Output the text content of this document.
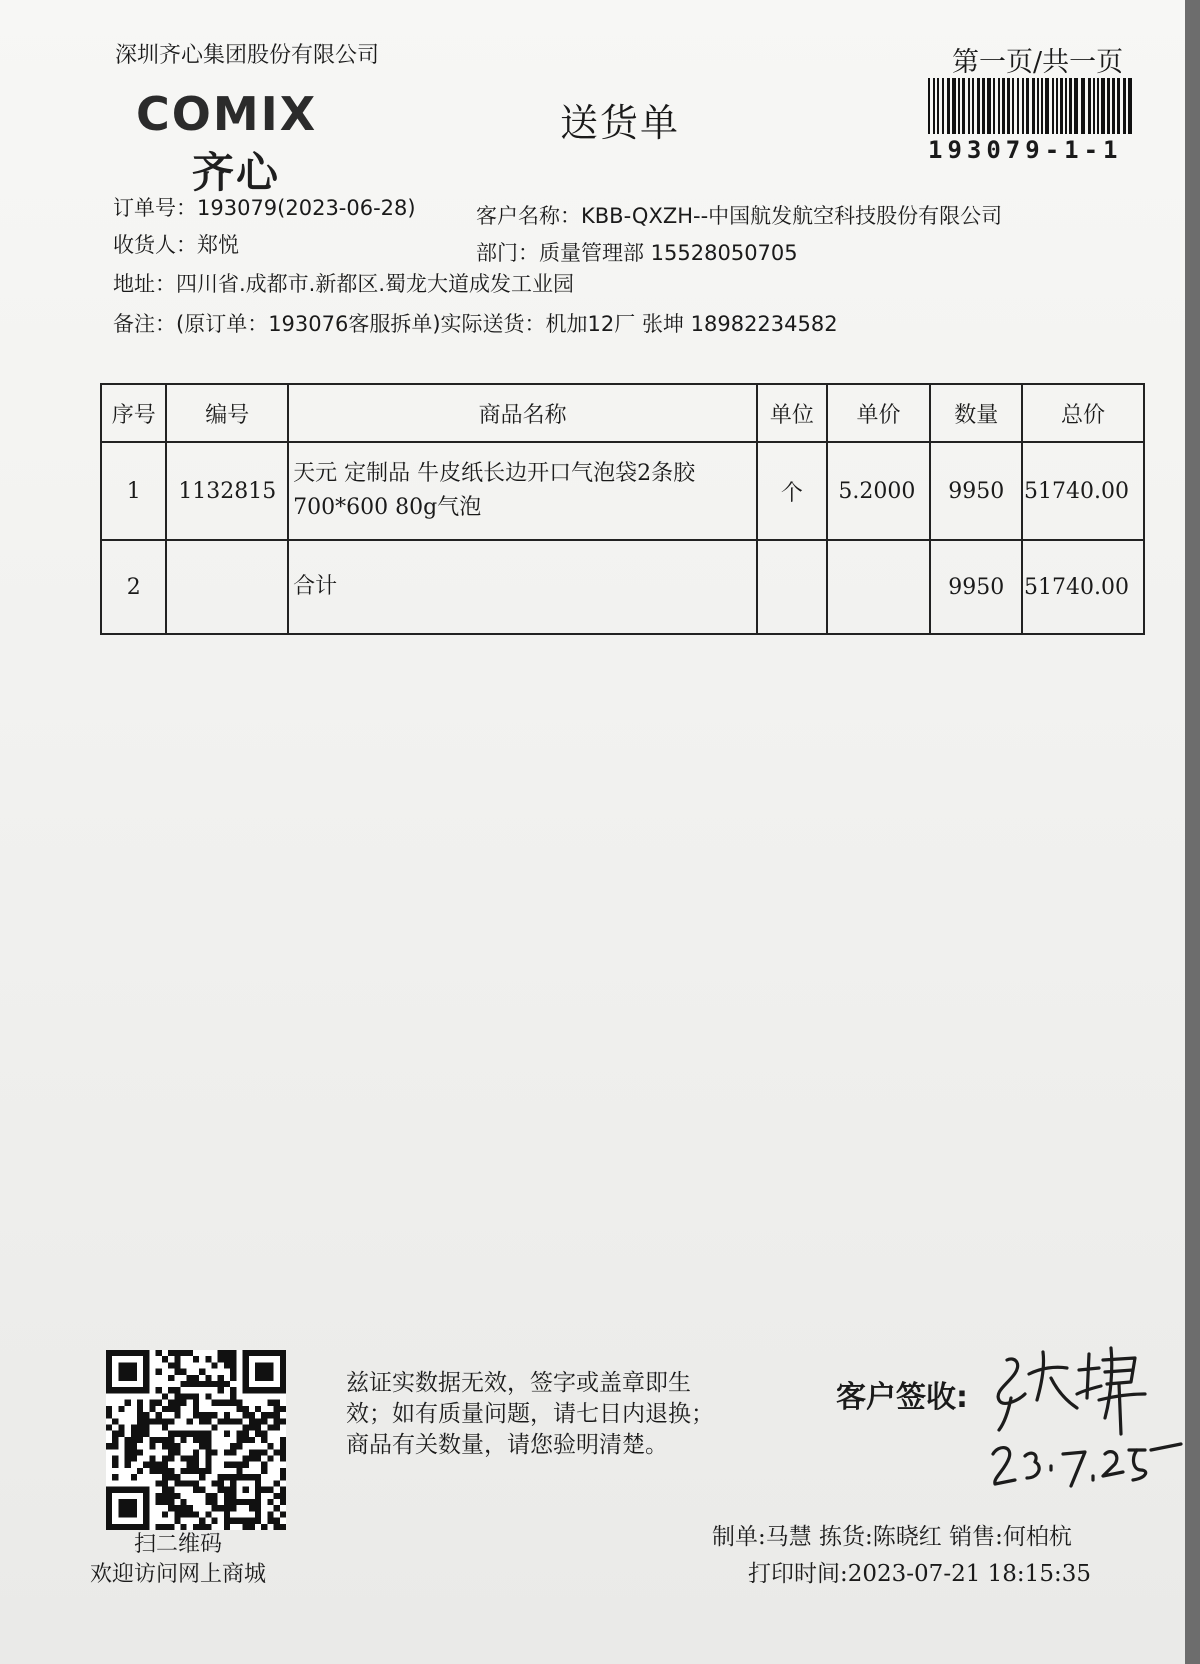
深圳齐心集团股份有限公司	第一页/共一页
COMIX
齐心
送货单
193079-1-1
订单号：193079(2023-06-28)	客户名称：KBB-QXZH--中国航发航空科技股份有限公司
收货人：郑悦	部门：质量管理部 15528050705
地址：四川省.成都市.新都区.蜀龙大道成发工业园
备注：(原订单：193076客服拆单)实际送货：机加12厂 张坤 18982234582
序号	编号	商品名称	单位	单价	数量	总价
1	1132815	天元 定制品 牛皮纸长边开口气泡袋2条胶
700*600 80g气泡	个	5.2000	9950	51740.00
2		合计			9950	51740.00
扫二维码
欢迎访问网上商城
兹证实数据无效，签字或盖章即生
效；如有质量问题，请七日内退换；
商品有关数量，请您验明清楚。
客户签收:
制单:马慧 拣货:陈晓红 销售:何柏杭
打印时间:2023-07-21 18:15:35
